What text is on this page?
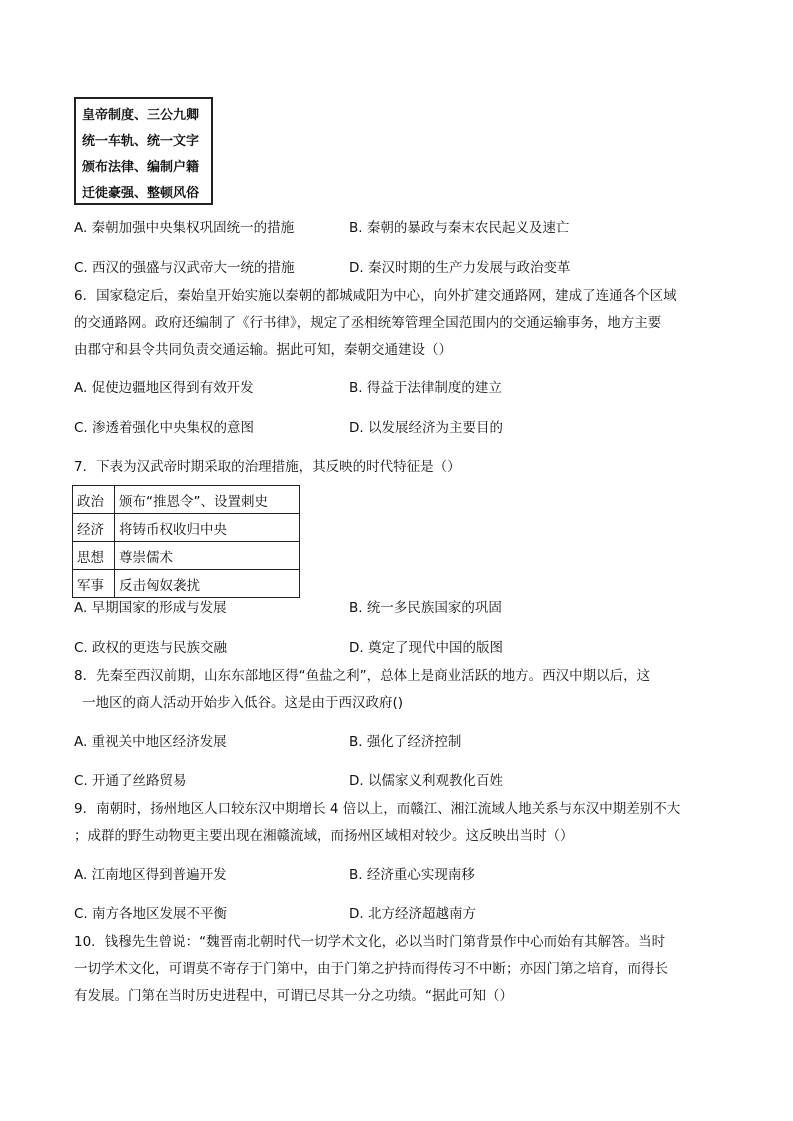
皇帝制度、三公九卿
统一车轨、统一文字
颁布法律、编制户籍
迁徙豪强、整顿风俗
A. 秦朝加强中央集权巩固统一的措施	B. 秦朝的暴政与秦末农民起义及速亡
C. 西汉的强盛与汉武帝大一统的措施	D. 秦汉时期的生产力发展与政治变革
6．国家稳定后，秦始皇开始实施以秦朝的都城咸阳为中心，向外扩建交通路网，建成了连通各个区域
的交通路网。政府还编制了《行书律》，规定了丞相统筹管理全国范围内的交通运输事务，地方主要
由郡守和县令共同负责交通运输。据此可知，秦朝交通建设（）
A. 促使边疆地区得到有效开发	B. 得益于法律制度的建立
C. 渗透着强化中央集权的意图	D. 以发展经济为主要目的
7．下表为汉武帝时期采取的治理措施，其反映的时代特征是（）
政治	颁布“推恩令”、设置刺史
经济	将铸币权收归中央
思想	尊崇儒术
军事	反击匈奴袭扰
A. 早期国家的形成与发展	B. 统一多民族国家的巩固
C. 政权的更迭与民族交融	D. 奠定了现代中国的版图
8．先秦至西汉前期，山东东部地区得“鱼盐之利”，总体上是商业活跃的地方。西汉中期以后，这
一地区的商人活动开始步入低谷。这是由于西汉政府()
A. 重视关中地区经济发展	B. 强化了经济控制
C. 开通了丝路贸易	D. 以儒家义利观教化百姓
9．南朝时，扬州地区人口较东汉中期增长 4 倍以上，而赣江、湘江流域人地关系与东汉中期差别不大
；成群的野生动物更主要出现在湘赣流域，而扬州区域相对较少。这反映出当时（）
A. 江南地区得到普遍开发	B. 经济重心实现南移
C. 南方各地区发展不平衡	D. 北方经济超越南方
10．钱穆先生曾说：“魏晋南北朝时代一切学术文化，必以当时门第背景作中心而始有其解答。当时
一切学术文化，可谓莫不寄存于门第中，由于门第之护持而得传习不中断；亦因门第之培育，而得长
有发展。门第在当时历史进程中，可谓已尽其一分之功绩。“据此可知（）
